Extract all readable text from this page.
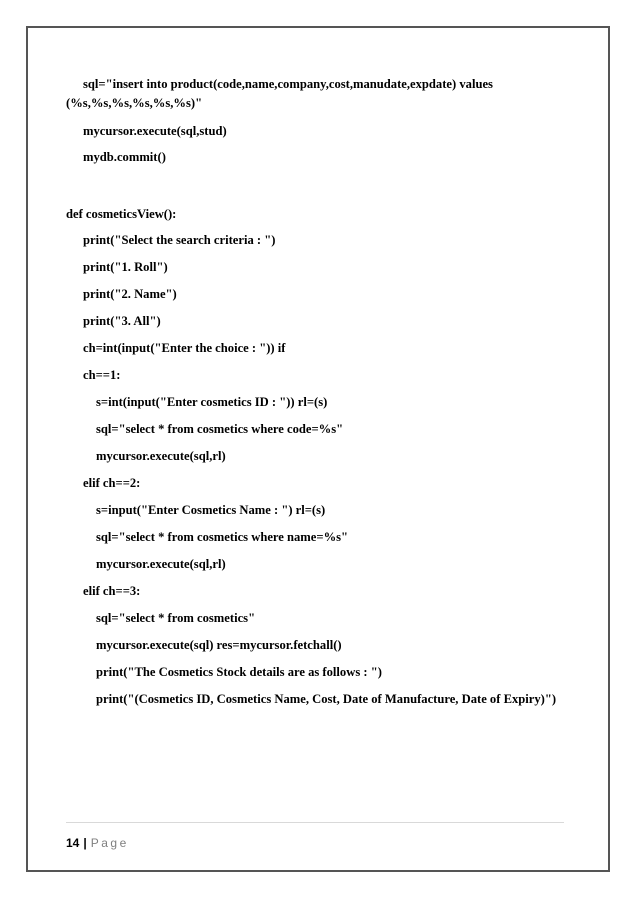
sql="insert into product(code,name,company,cost,manudate,expdate) values
(%s,%s,%s,%s,%s,%s)"
mycursor.execute(sql,stud)
mydb.commit()
def cosmeticsView():
print("Select the search criteria : ")
print("1. Roll")
print("2. Name")
print("3. All")
ch=int(input("Enter the choice : ")) if
ch==1:
s=int(input("Enter cosmetics ID : ")) rl=(s)
sql="select * from cosmetics where code=%s"
mycursor.execute(sql,rl)
elif ch==2:
s=input("Enter Cosmetics Name : ") rl=(s)
sql="select * from cosmetics where name=%s"
mycursor.execute(sql,rl)
elif ch==3:
sql="select * from cosmetics"
mycursor.execute(sql) res=mycursor.fetchall()
print("The Cosmetics Stock details are as follows : ")
print("(Cosmetics ID, Cosmetics Name, Cost, Date of Manufacture, Date of Expiry)")
14 | Page
